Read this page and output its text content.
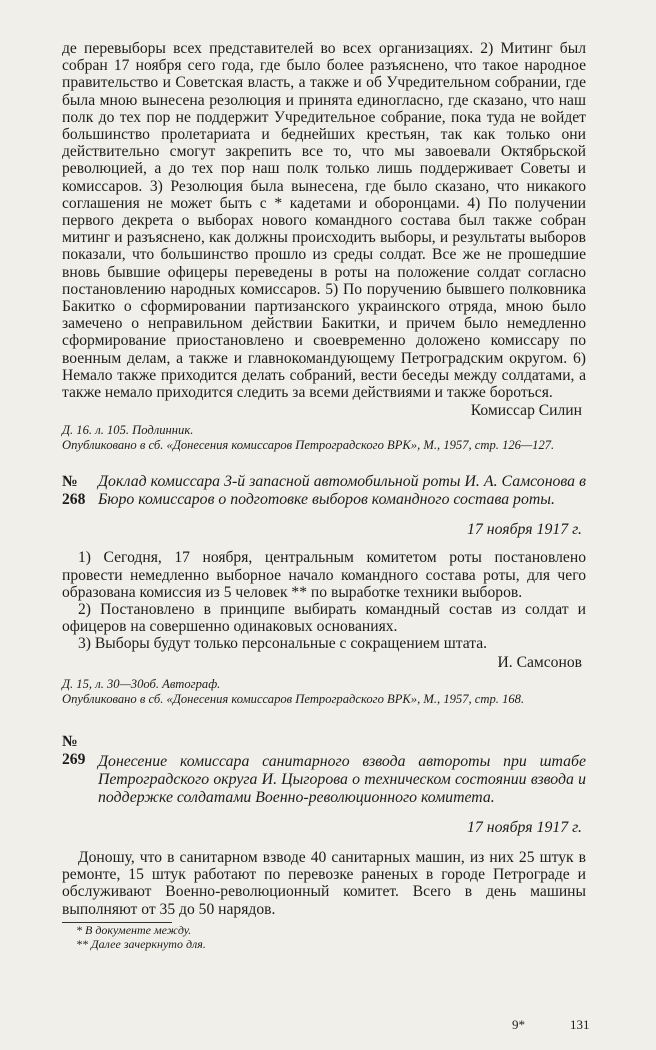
де перевыборы всех представителей во всех организациях. 2) Митинг был собран 17 ноября сего года, где было более разъяснено, что такое народное правительство и Советская власть, а также и об Учредительном собрании, где была мною вынесена резолюция и принята единогласно, где сказано, что наш полк до тех пор не поддержит Учредительное собрание, пока туда не войдет большинство пролетариата и беднейших крестьян, так как только они действительно смогут закрепить все то, что мы завоевали Октябрьской революцией, а до тех пор наш полк только лишь поддерживает Советы и комиссаров. 3) Резолюция была вынесена, где было сказано, что никакого соглашения не может быть с * кадетами и оборонцами. 4) По получении первого декрета о выборах нового командного состава был также собран митинг и разъяснено, как должны происходить выборы, и результаты выборов показали, что большинство прошло из среды солдат. Все же не прошедшие вновь бывшие офицеры переведены в роты на положение солдат согласно постановлению народных комиссаров. 5) По поручению бывшего полковника Бакитко о сформировании партизанского украинского отряда, мною было замечено о неправильном действии Бакитки, и причем было немедленно сформирование приостановлено и своевременно доложено комиссару по военным делам, а также и главнокомандующему Петроградским округом. 6) Немало также приходится делать собраний, вести беседы между солдатами, а также немало приходится следить за всеми действиями и также бороться.

Комиссар Силин

Д. 16. л. 105. Подлинник.

Опубликовано в сб. «Донесения комиссаров Петроградского ВРК», М., 1957, стр. 126—127.

№ 268

Доклад комиссара 3-й запасной автомобильной роты И. А. Самсонова в Бюро комиссаров о подготовке выборов командного состава роты.

17 ноября 1917 г.

1) Сегодня, 17 ноября, центральным комитетом роты постановлено провести немедленно выборное начало командного состава роты, для чего образована комиссия из 5 человек ** по выработке техники выборов.

2) Постановлено в принципе выбирать командный состав из солдат и офицеров на совершенно одинаковых основаниях.

3) Выборы будут только персональные с сокращением штата.

И. Самсонов

Д. 15, л. 30—30об. Автограф.

Опубликовано в сб. «Донесения комиссаров Петроградского ВРК», М., 1957, стр. 168.

№ 269 Донесение комиссара санитарного взвода автороты при штабе Петроградского округа И. Цыгорова о техническом состоянии взвода и поддержке солдатами Военно-революционного комитета.

17 ноября 1917 г.

Доношу, что в санитарном взводе 40 санитарных машин, из них 25 штук в ремонте, 15 штук работают по перевозке раненых в городе Петрограде и обслуживают Военно-революционный комитет. Всего в день машины выполняют от 35 до 50 нарядов.

* В документе между.

** Далее зачеркнуто для.

9*	131
